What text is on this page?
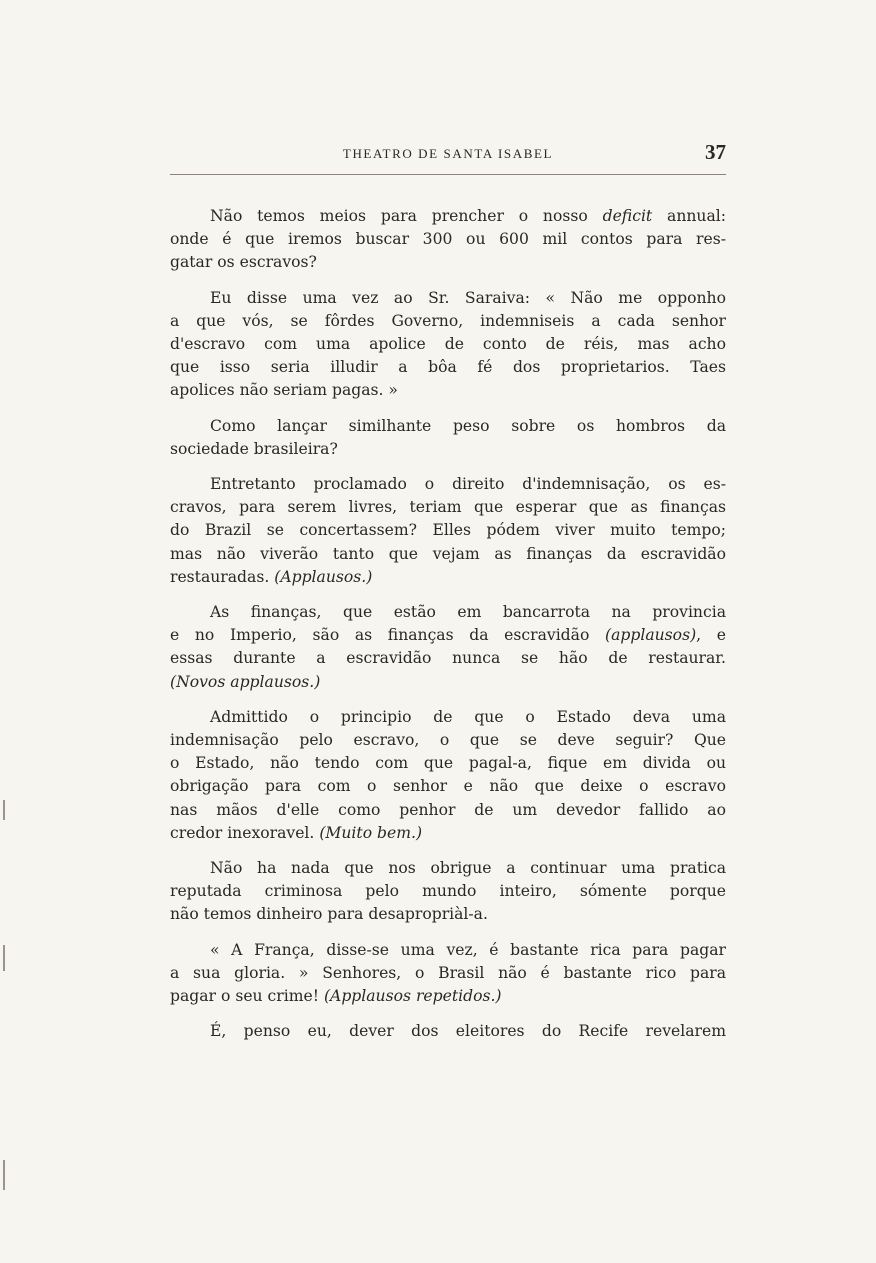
THEATRO DE SANTA ISABEL	37
Não temos meios para prencher o nosso deficit annual:
onde é que iremos buscar 300 ou 600 mil contos para res-
gatar os escravos?
Eu disse uma vez ao Sr. Saraiva: « Não me opponho
a que vós, se fôrdes Governo, indemniseis a cada senhor
d'escravo com uma apolice de conto de réis, mas acho
que isso seria illudir a bôa fé dos proprietarios. Taes
apolices não seriam pagas. »
Como lançar similhante peso sobre os hombros da
sociedade brasileira?
Entretanto proclamado o direito d'indemnisação, os es-
cravos, para serem livres, teriam que esperar que as finanças
do Brazil se concertassem? Elles pódem viver muito tempo;
mas não viverão tanto que vejam as finanças da escravidão
restauradas. (Applausos.)
As finanças, que estão em bancarrota na provincia
e no Imperio, são as finanças da escravidão (applausos), e
essas durante a escravidão nunca se hão de restaurar.
(Novos applausos.)
Admittido o principio de que o Estado deva uma
indemnisação pelo escravo, o que se deve seguir? Que
o Estado, não tendo com que pagal-a, fique em divida ou
obrigação para com o senhor e não que deixe o escravo
nas mãos d'elle como penhor de um devedor fallido ao
credor inexoravel. (Muito bem.)
Não ha nada que nos obrigue a continuar uma pratica
reputada criminosa pelo mundo inteiro, sómente porque
não temos dinheiro para desapropriàl-a.
« A França, disse-se uma vez, é bastante rica para pagar
a sua gloria. » Senhores, o Brasil não é bastante rico para
pagar o seu crime! (Applausos repetidos.)
É, penso eu, dever dos eleitores do Recife revelarem
